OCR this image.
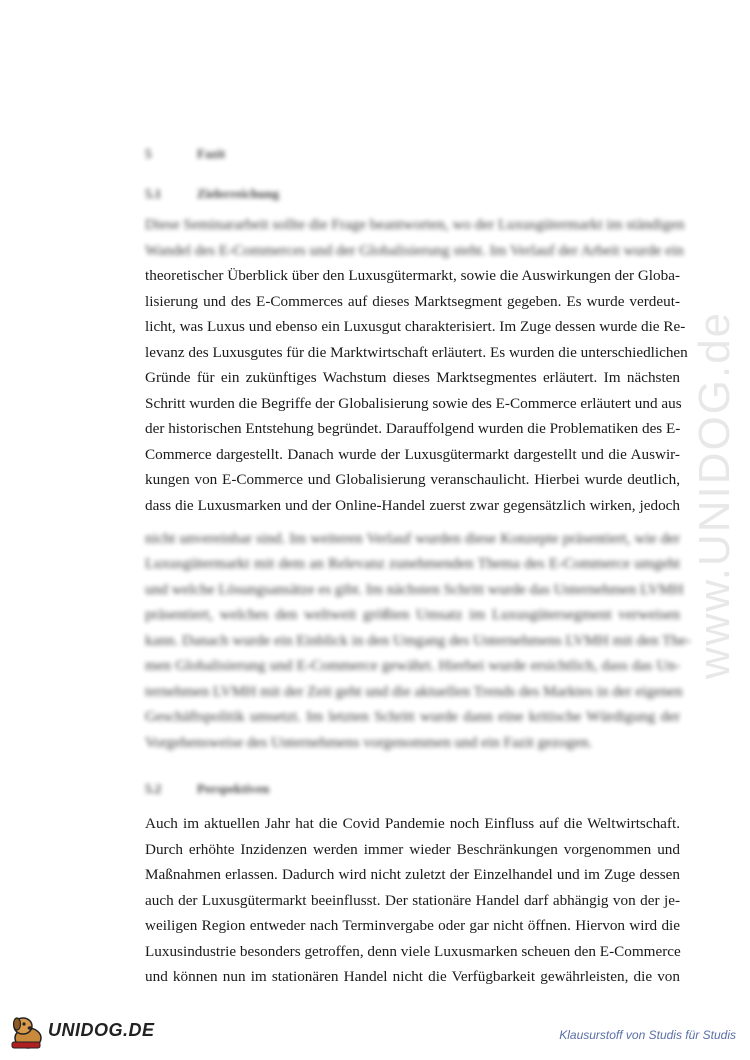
www.UNIDOG.de
5	Fazit
5.1	Zielerreichung
Diese Seminararbeit sollte die Frage beantworten, wo der Luxusgütermarkt im ständigen
Wandel des E-Commerces und der Globalisierung steht. Im Verlauf der Arbeit wurde ein
theoretischer Überblick über den Luxusgütermarkt, sowie die Auswirkungen der Globa-
lisierung und des E-Commerces auf dieses Marktsegment gegeben. Es wurde verdeut-
licht, was Luxus und ebenso ein Luxusgut charakterisiert. Im Zuge dessen wurde die Re-
levanz des Luxusgutes für die Marktwirtschaft erläutert. Es wurden die unterschiedlichen
Gründe für ein zukünftiges Wachstum dieses Marktsegmentes erläutert. Im nächsten
Schritt wurden die Begriffe der Globalisierung sowie des E-Commerce erläutert und aus
der historischen Entstehung begründet. Darauffolgend wurden die Problematiken des E-
Commerce dargestellt. Danach wurde der Luxusgütermarkt dargestellt und die Auswir-
kungen von E-Commerce und Globalisierung veranschaulicht. Hierbei wurde deutlich,
dass die Luxusmarken und der Online-Handel zuerst zwar gegensätzlich wirken, jedoch
nicht unvereinbar sind. Im weiteren Verlauf wurden diese Konzepte präsentiert, wie der
Luxusgütermarkt mit dem an Relevanz zunehmenden Thema des E-Commerce umgeht
und welche Lösungsansätze es gibt. Im nächsten Schritt wurde das Unternehmen LVMH
präsentiert, welches den weltweit größten Umsatz im Luxusgütersegment verweisen
kann. Danach wurde ein Einblick in den Umgang des Unternehmens LVMH mit den The-
men Globalisierung und E-Commerce gewährt. Hierbei wurde ersichtlich, dass das Un-
ternehmen LVMH mit der Zeit geht und die aktuellen Trends des Marktes in der eigenen
Geschäftspolitik umsetzt. Im letzten Schritt wurde dann eine kritische Würdigung der
Vorgehensweise des Unternehmens vorgenommen und ein Fazit gezogen.
5.2	Perspektiven
Auch im aktuellen Jahr hat die Covid Pandemie noch Einfluss auf die Weltwirtschaft.
Durch erhöhte Inzidenzen werden immer wieder Beschränkungen vorgenommen und
Maßnahmen erlassen. Dadurch wird nicht zuletzt der Einzelhandel und im Zuge dessen
auch der Luxusgütermarkt beeinflusst. Der stationäre Handel darf abhängig von der je-
weiligen Region entweder nach Terminvergabe oder gar nicht öffnen. Hiervon wird die
Luxusindustrie besonders getroffen, denn viele Luxusmarken scheuen den E-Commerce
und können nun im stationären Handel nicht die Verfügbarkeit gewährleisten, die von
UNIDOG.DE	Klausurstoff von Studis für Studis
